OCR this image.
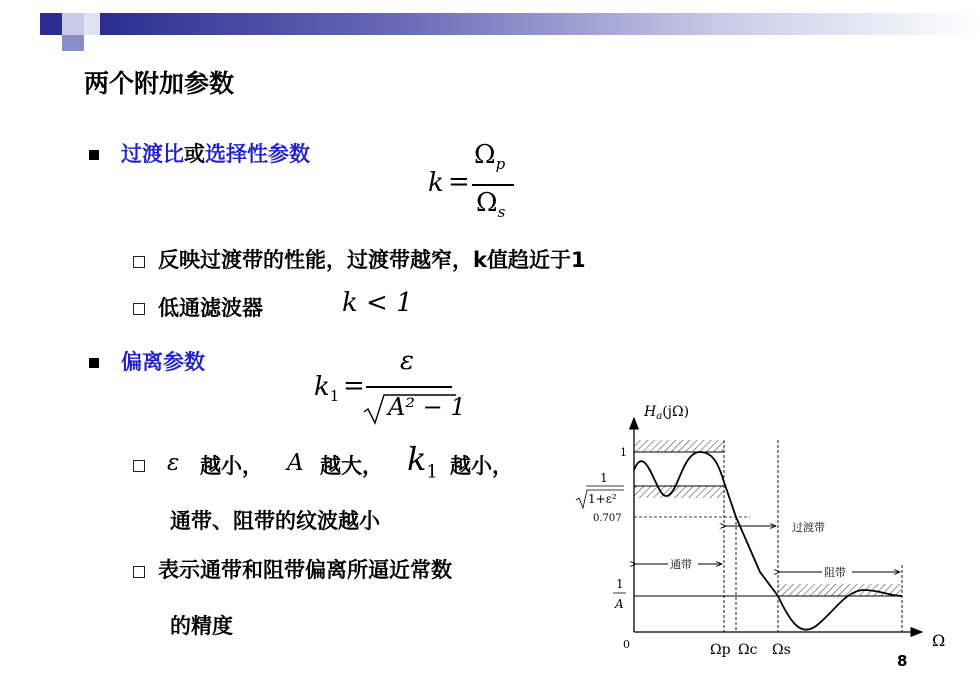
两个附加参数
过渡比或选择性参数
k =
$\Omega_p$
$\Omega_s$
反映过渡带的性能，过渡带越窄，k值趋近于1
低通滤波器	k < 1
偏离参数
$k_1$ =
ε
A² − 1
ε 越小， A 越大， $k_1$ 越小，
通带、阻带的纹波越小
表示通带和阻带偏离所逼近常数
的精度
$H_a(j\Omega)$
1
1
1+ε²
0.707
1
A
0	Ω
Ωp Ωc Ωs
过渡带
通带
阻带
8
